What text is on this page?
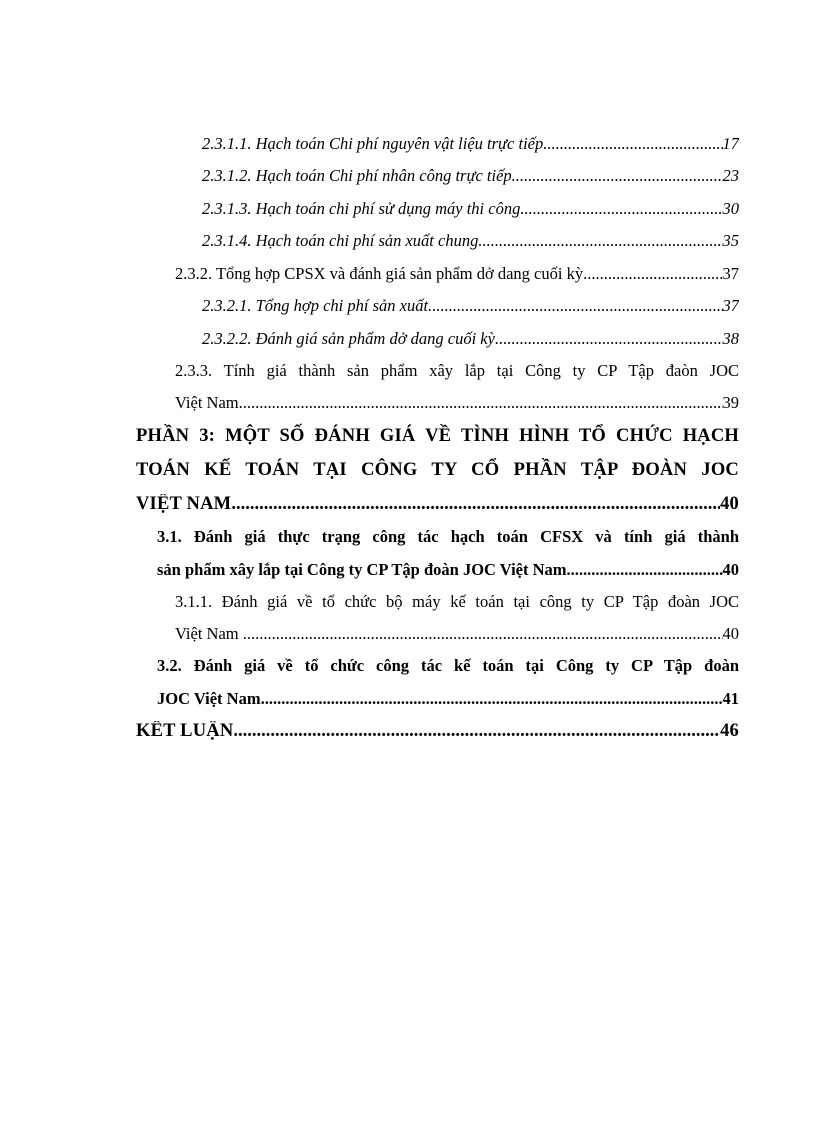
2.3.1.1. Hạch toán Chi phí nguyên vật liệu trực tiếp. .....	17
2.3.1.2. Hạch toán Chi phí nhân công trực tiếp. .....	23
2.3.1.3. Hạch toán chi phí sử dụng máy thi công. .....	30
2.3.1.4. Hạch toán chi phí sản xuất chung. .....	35
2.3.2. Tổng hợp CPSX và đánh giá sản phẩm dở dang cuối kỳ. .....	37
2.3.2.1. Tổng hợp chi phí sản xuất. .....	37
2.3.2.2. Đánh giá sản phẩm dở dang cuối kỳ. .....	38
2.3.3. Tính giá thành sản phẩm xây lắp tại Công ty CP Tập đaòn JOC
Việt Nam .....	39
PHẦN 3: MỘT SỐ ĐÁNH GIÁ VỀ TÌNH HÌNH TỔ CHỨC HẠCH
TOÁN KẾ TOÁN TẠI CÔNG TY CỔ PHẦN TẬP ĐOÀN JOC
VIỆT NAM .....	40
3.1. Đánh giá thực trạng công tác hạch toán CFSX và tính giá thành
sản phẩm xây lắp tại Công ty CP Tập đoàn JOC Việt Nam .....	40
3.1.1. Đánh giá về tổ chức bộ máy kế toán tại công ty CP Tập đoàn JOC
Việt Nam . .....	40
3.2. Đánh giá về tổ chức công tác kế toán tại Công ty CP Tập đoàn
JOC Việt Nam .....	41
KẾT LUẬN .....	46
